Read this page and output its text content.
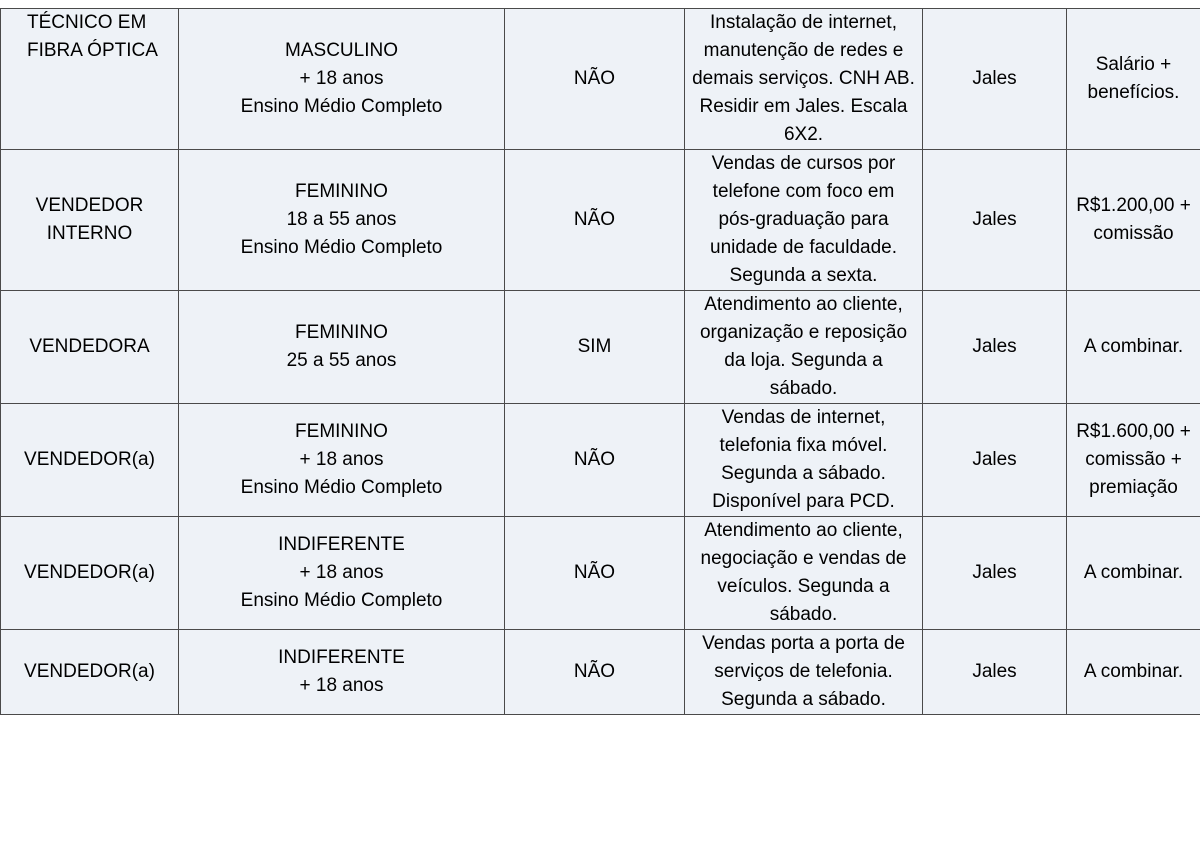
TÉCNICO EM
FIBRA ÓPTICA	MASCULINO
+ 18 anos
Ensino Médio Completo	NÃO	Instalação de internet,
manutenção de redes e
demais serviços. CNH AB.
Residir em Jales. Escala
6X2.	Jales	Salário +
benefícios.

VENDEDOR
INTERNO	FEMININO
18 a 55 anos
Ensino Médio Completo	NÃO	Vendas de cursos por
telefone com foco em
pós-graduação para
unidade de faculdade.
Segunda a sexta.	Jales	R$1.200,00 +
comissão

VENDEDORA	FEMININO
25 a 55 anos	SIM	Atendimento ao cliente,
organização e reposição
da loja. Segunda a
sábado.	Jales	A combinar.

VENDEDOR(a)	FEMININO
+ 18 anos
Ensino Médio Completo	NÃO	Vendas de internet,
telefonia fixa móvel.
Segunda a sábado.
Disponível para PCD.	Jales	R$1.600,00 +
comissão +
premiação

VENDEDOR(a)	INDIFERENTE
+ 18 anos
Ensino Médio Completo	NÃO	Atendimento ao cliente,
negociação e vendas de
veículos. Segunda a
sábado.	Jales	A combinar.

VENDEDOR(a)	INDIFERENTE
+ 18 anos	NÃO	Vendas porta a porta de
serviços de telefonia.
Segunda a sábado.	Jales	A combinar.
